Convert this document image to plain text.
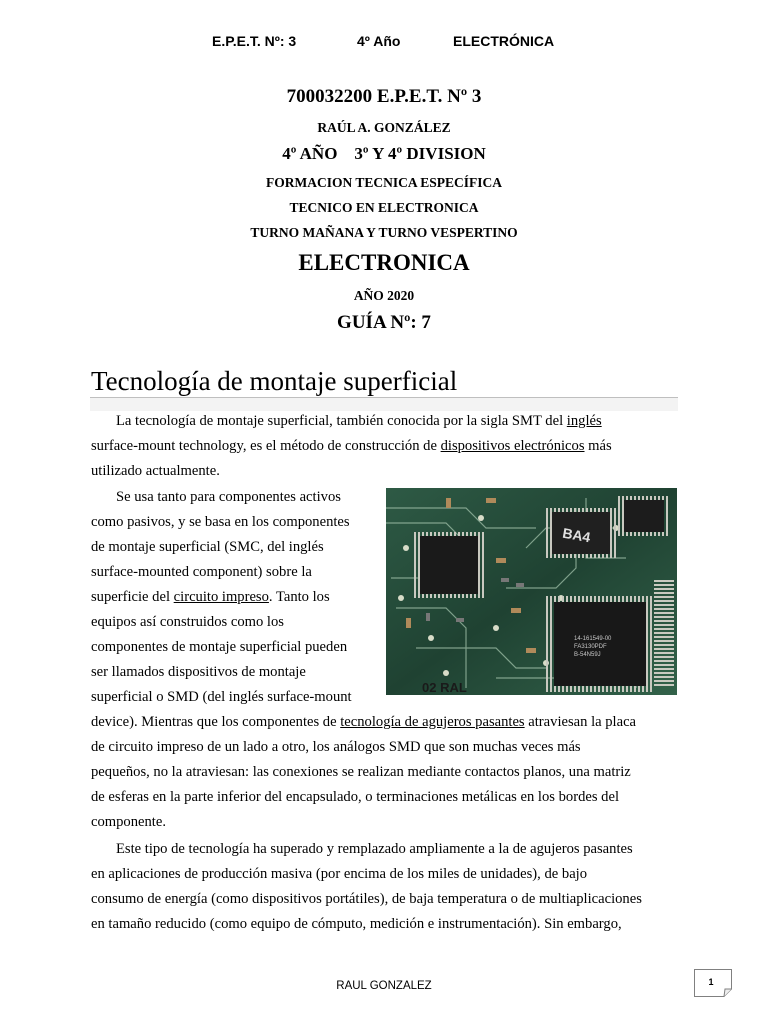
E.P.E.T. Nº: 3	4º Año	ELECTRÓNICA
700032200 E.P.E.T. Nº 3
RAÚL A. GONZÁLEZ
4º AÑO    3º Y 4º DIVISION
FORMACION TECNICA ESPECÍFICA
TECNICO EN ELECTRONICA
TURNO MAÑANA Y TURNO VESPERTINO
ELECTRONICA
AÑO 2020
GUÍA Nº: 7
Tecnología de montaje superficial
La tecnología de montaje superficial, también conocida por la sigla SMT del inglés
surface-mount technology, es el método de construcción de dispositivos electrónicos más
utilizado actualmente.
Se usa tanto para componentes activos
como pasivos, y se basa en los componentes
de montaje superficial (SMC, del inglés
surface-mounted component) sobre la
superficie del circuito impreso. Tanto los
equipos así construidos como los
componentes de montaje superficial pueden
ser llamados dispositivos de montaje
superficial o SMD (del inglés surface-mount
device). Mientras que los componentes de tecnología de agujeros pasantes atraviesan la placa
de circuito impreso de un lado a otro, los análogos SMD que son muchas veces más
pequeños, no la atraviesan: las conexiones se realizan mediante contactos planos, una matriz
de esferas en la parte inferior del encapsulado, o terminaciones metálicas en los bordes del
componente.
Este tipo de tecnología ha superado y remplazado ampliamente a la de agujeros pasantes
en aplicaciones de producción masiva (por encima de los miles de unidades), de bajo
consumo de energía (como dispositivos portátiles), de baja temperatura o de multiaplicaciones
en tamaño reducido (como equipo de cómputo, medición e instrumentación). Sin embargo,
BA4
14-161549-00 FA3130PDF B-54N59J
02 RAL
RAUL GONZALEZ	1
